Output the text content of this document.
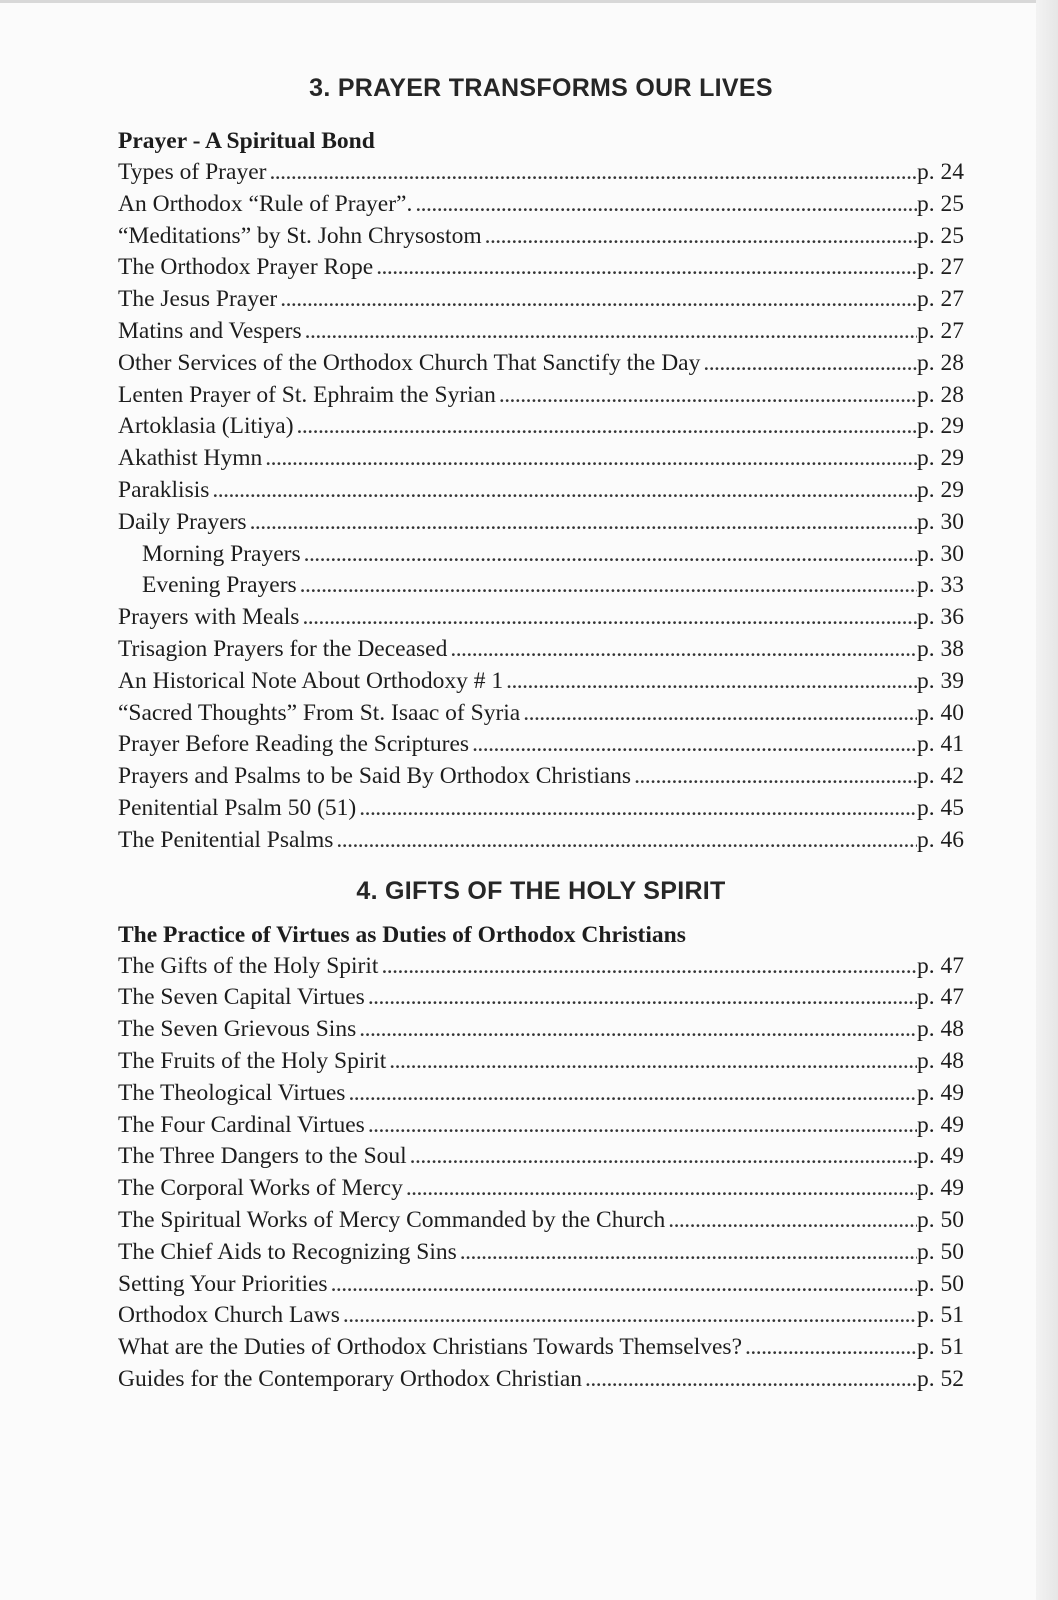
3. PRAYER TRANSFORMS OUR LIVES
Prayer - A Spiritual Bond
Types of Prayer . . .	p. 24
An Orthodox “Rule of Prayer”. . . .	p. 25
“Meditations” by St. John Chrysostom . . .	p. 25
The Orthodox Prayer Rope . . .	p. 27
The Jesus Prayer . . .	p. 27
Matins and Vespers . . .	p. 27
Other Services of the Orthodox Church That Sanctify the Day . . .	p. 28
Lenten Prayer of St. Ephraim the Syrian . . .	p. 28
Artoklasia (Litiya) . . .	p. 29
Akathist Hymn . . .	p. 29
Paraklisis . . .	p. 29
Daily Prayers . . .	p. 30
Morning Prayers . . .	p. 30
Evening Prayers . . .	p. 33
Prayers with Meals . . .	p. 36
Trisagion Prayers for the Deceased . . .	p. 38
An Historical Note About Orthodoxy # 1 . . .	p. 39
“Sacred Thoughts” From St. Isaac of Syria . . .	p. 40
Prayer Before Reading the Scriptures . . .	p. 41
Prayers and Psalms to be Said By Orthodox Christians . . .	p. 42
Penitential Psalm 50 (51) . . .	p. 45
The Penitential Psalms . . .	p. 46
4. GIFTS OF THE HOLY SPIRIT
The Practice of Virtues as Duties of Orthodox Christians
The Gifts of the Holy Spirit . . .	p. 47
The Seven Capital Virtues . . .	p. 47
The Seven Grievous Sins . . .	p. 48
The Fruits of the Holy Spirit . . .	p. 48
The Theological Virtues . . .	p. 49
The Four Cardinal Virtues . . .	p. 49
The Three Dangers to the Soul . . .	p. 49
The Corporal Works of Mercy . . .	p. 49
The Spiritual Works of Mercy Commanded by the Church . . .	p. 50
The Chief Aids to Recognizing Sins . . .	p. 50
Setting Your Priorities . . .	p. 50
Orthodox Church Laws . . .	p. 51
What are the Duties of Orthodox Christians Towards Themselves? . . .	p. 51
Guides for the Contemporary Orthodox Christian . . .	p. 52
